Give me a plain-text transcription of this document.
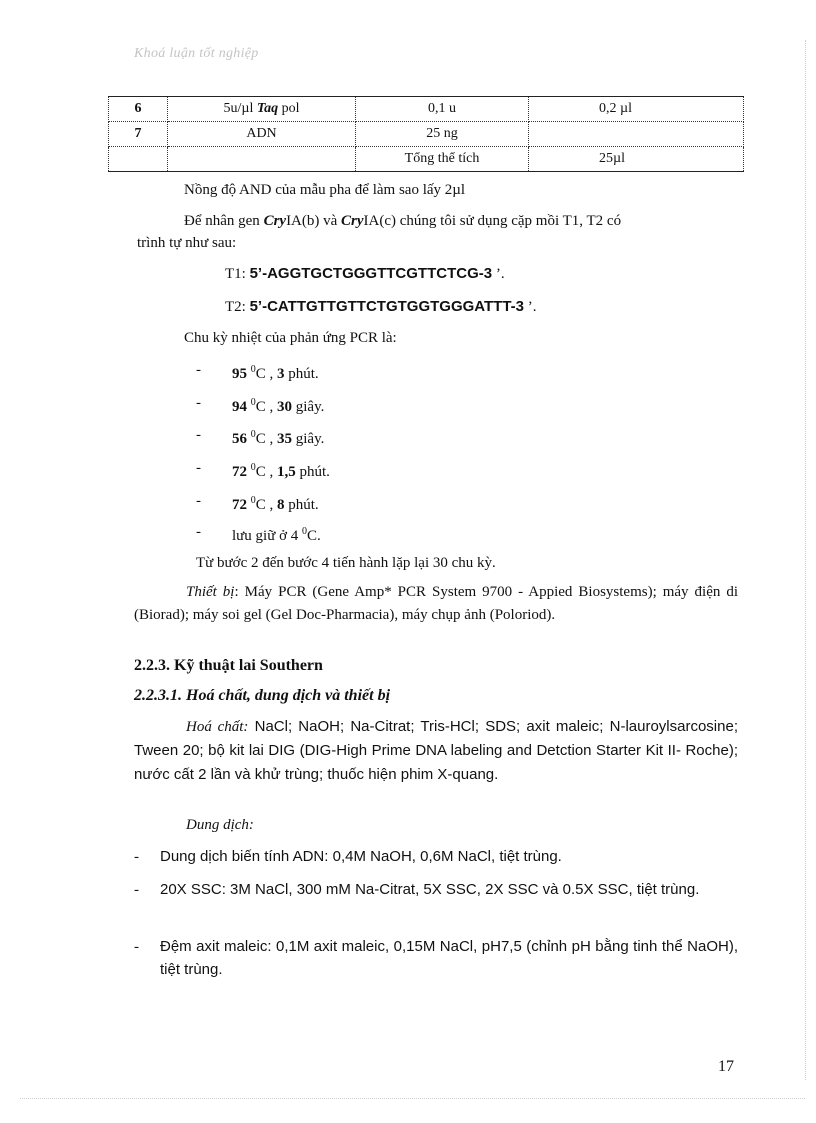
Khoá luận tốt nghiệp
6	5u/µl Taq pol	0,1 u	0,2 µl
7	ADN	25 ng	
		Tổng thể tích	25µl
Nồng độ AND của mẫu pha để làm sao lấy 2µl
Để nhân gen CryIA(b) và CryIA(c) chúng tôi sử dụng cặp mồi T1, T2 có
trình tự như sau:
T1: 5’-AGGTGCTGGGTTCGTTCTCG-3 ’.
T2: 5’-CATTGTTGTTCTGTGGTGGGATTT-3 ’.
Chu kỳ nhiệt của phản ứng PCR là:
-	95 $^0$C , 3 phút.
-	94 $^0$C , 30 giây.
-	56 $^0$C , 35 giây.
-	72 $^0$C , 1,5 phút.
-	72 $^0$C , 8 phút.
-	lưu giữ ở 4 $^0$C.
Từ bước 2 đến bước 4 tiến hành lặp lại 30 chu kỳ.
Thiết bị: Máy PCR (Gene Amp* PCR System 9700 - Appied Biosystems); máy điện di (Biorad); máy soi gel (Gel Doc-Pharmacia), máy chụp ảnh (Poloriod).
2.2.3. Kỹ thuật lai Southern
2.2.3.1. Hoá chất, dung dịch và thiết bị
Hoá chất: NaCl; NaOH; Na-Citrat; Tris-HCl; SDS; axit maleic; N-lauroylsarcosine; Tween 20; bộ kit lai DIG (DIG-High Prime DNA labeling and Detction Starter Kit II- Roche); nước cất 2 lần và khử trùng; thuốc hiện phim X-quang.
Dung dịch:
-	Dung dịch biến tính ADN: 0,4M NaOH, 0,6M NaCl, tiệt trùng.
-	20X SSC: 3M NaCl, 300 mM Na-Citrat, 5X SSC, 2X SSC và 0.5X SSC, tiệt trùng.
-	Đệm axit maleic: 0,1M axit maleic, 0,15M NaCl, pH7,5 (chỉnh pH bằng tinh thể NaOH), tiệt trùng.
17
